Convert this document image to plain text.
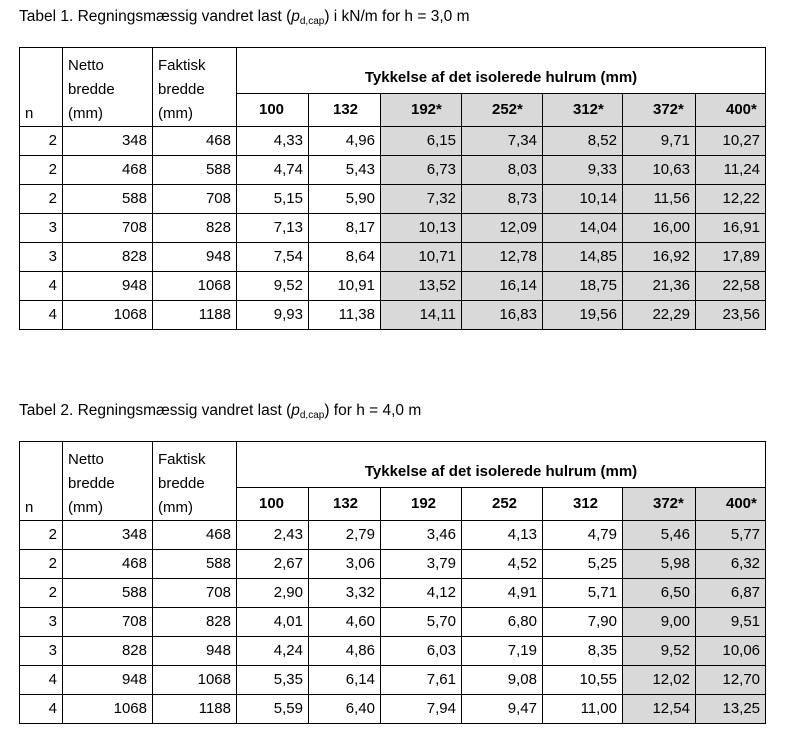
Tabel 1. Regningsmæssig vandret last $(p_{d,cap})$ i kN/m for h = 3,0 m
n	Netto bredde (mm)	Faktisk bredde (mm)	Tykkelse af det isolerede hulrum (mm)						
			100	132	192*	252*	312*	372*	400*
2	348	468	4,33	4,96	6,15	7,34	8,52	9,71	10,27
2	468	588	4,74	5,43	6,73	8,03	9,33	10,63	11,24
2	588	708	5,15	5,90	7,32	8,73	10,14	11,56	12,22
3	708	828	7,13	8,17	10,13	12,09	14,04	16,00	16,91
3	828	948	7,54	8,64	10,71	12,78	14,85	16,92	17,89
4	948	1068	9,52	10,91	13,52	16,14	18,75	21,36	22,58
4	1068	1188	9,93	11,38	14,11	16,83	19,56	22,29	23,56
Tabel 2. Regningsmæssig vandret last $(p_{d,cap})$ for h = 4,0 m
n	Netto bredde (mm)	Faktisk bredde (mm)	Tykkelse af det isolerede hulrum (mm)						
			100	132	192	252	312	372*	400*
2	348	468	2,43	2,79	3,46	4,13	4,79	5,46	5,77
2	468	588	2,67	3,06	3,79	4,52	5,25	5,98	6,32
2	588	708	2,90	3,32	4,12	4,91	5,71	6,50	6,87
3	708	828	4,01	4,60	5,70	6,80	7,90	9,00	9,51
3	828	948	4,24	4,86	6,03	7,19	8,35	9,52	10,06
4	948	1068	5,35	6,14	7,61	9,08	10,55	12,02	12,70
4	1068	1188	5,59	6,40	7,94	9,47	11,00	12,54	13,25
